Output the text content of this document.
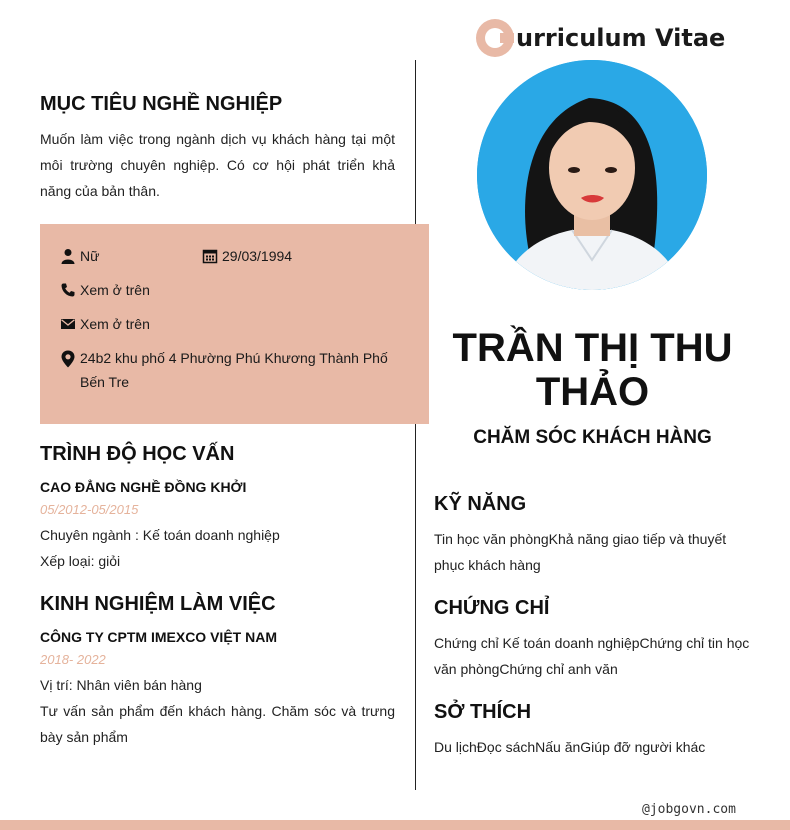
urriculum Vitae
MỤC TIÊU NGHỀ NGHIỆP
Muốn làm việc trong ngành dịch vụ khách hàng tại một môi trường chuyên nghiệp. Có cơ hội phát triển khả năng của bản thân.
Nữ	29/03/1994
Xem ở trên
Xem ở trên
24b2 khu phố 4 Phường Phú Khương Thành Phố Bến Tre
TRÌNH ĐỘ HỌC VẤN
CAO ĐẲNG NGHỀ ĐỒNG KHỞI
05/2012-05/2015
Chuyên ngành : Kế toán doanh nghiệp
Xếp loại: giỏi
KINH NGHIỆM LÀM VIỆC
CÔNG TY CPTM IMEXCO VIỆT NAM
2018- 2022
Vị trí: Nhân viên bán hàng
Tư vấn sản phẩm đến khách hàng. Chăm sóc và trưng bày sản phẩm
TRẦN THỊ THU THẢO
CHĂM SÓC KHÁCH HÀNG
KỸ NĂNG
Tin học văn phòngKhả năng giao tiếp và thuyết phục khách hàng
CHỨNG CHỈ
Chứng chỉ Kế toán doanh nghiệpChứng chỉ tin học văn phòngChứng chỉ anh văn
SỞ THÍCH
Du lịchĐọc sáchNấu ănGiúp đỡ người khác
@jobgovn.com
